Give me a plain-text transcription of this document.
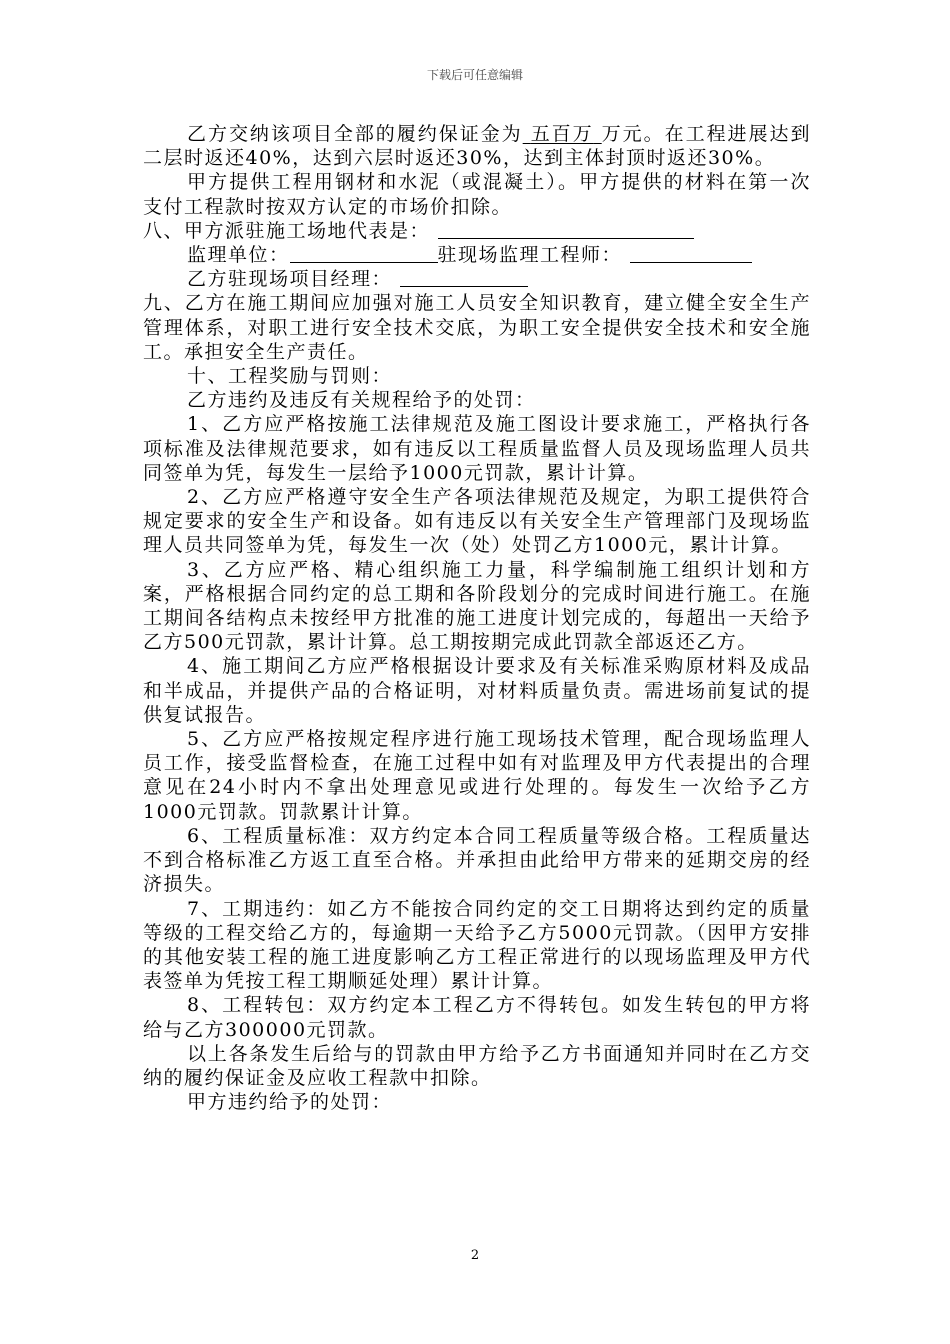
下载后可任意编辑

乙方交纳该项目全部的履约保证金为 五百万 万元。在工程进展达到二层时返还40%，达到六层时返还30%，达到主体封顶时返还30%。

甲方提供工程用钢材和水泥（或混凝土）。甲方提供的材料在第一次支付工程款时按双方认定的市场价扣除。

八、甲方派驻施工场地代表是：

监理单位：	驻现场监理工程师：

乙方驻现场项目经理：

九、乙方在施工期间应加强对施工人员安全知识教育，建立健全安全生产管理体系，对职工进行安全技术交底，为职工安全提供安全技术和安全施工。承担安全生产责任。

十、工程奖励与罚则：

乙方违约及违反有关规程给予的处罚：

1、乙方应严格按施工法律规范及施工图设计要求施工，严格执行各项标准及法律规范要求，如有违反以工程质量监督人员及现场监理人员共同签单为凭，每发生一层给予1000元罚款，累计计算。

2、乙方应严格遵守安全生产各项法律规范及规定，为职工提供符合规定要求的安全生产和设备。如有违反以有关安全生产管理部门及现场监理人员共同签单为凭，每发生一次（处）处罚乙方1000元，累计计算。

3、乙方应严格、精心组织施工力量，科学编制施工组织计划和方案，严格根据合同约定的总工期和各阶段划分的完成时间进行施工。在施工期间各结构点未按经甲方批准的施工进度计划完成的，每超出一天给予乙方500元罚款，累计计算。总工期按期完成此罚款全部返还乙方。

4、施工期间乙方应严格根据设计要求及有关标准采购原材料及成品和半成品，并提供产品的合格证明，对材料质量负责。需进场前复试的提供复试报告。

5、乙方应严格按规定程序进行施工现场技术管理，配合现场监理人员工作，接受监督检查，在施工过程中如有对监理及甲方代表提出的合理意见在24小时内不拿出处理意见或进行处理的。每发生一次给予乙方1000元罚款。罚款累计计算。

6、工程质量标准：双方约定本合同工程质量等级合格。工程质量达不到合格标准乙方返工直至合格。并承担由此给甲方带来的延期交房的经济损失。

7、工期违约：如乙方不能按合同约定的交工日期将达到约定的质量等级的工程交给乙方的，每逾期一天给予乙方5000元罚款。（因甲方安排的其他安装工程的施工进度影响乙方工程正常进行的以现场监理及甲方代表签单为凭按工程工期顺延处理）累计计算。

8、工程转包：双方约定本工程乙方不得转包。如发生转包的甲方将给与乙方300000元罚款。

以上各条发生后给与的罚款由甲方给予乙方书面通知并同时在乙方交纳的履约保证金及应收工程款中扣除。

甲方违约给予的处罚：

2
